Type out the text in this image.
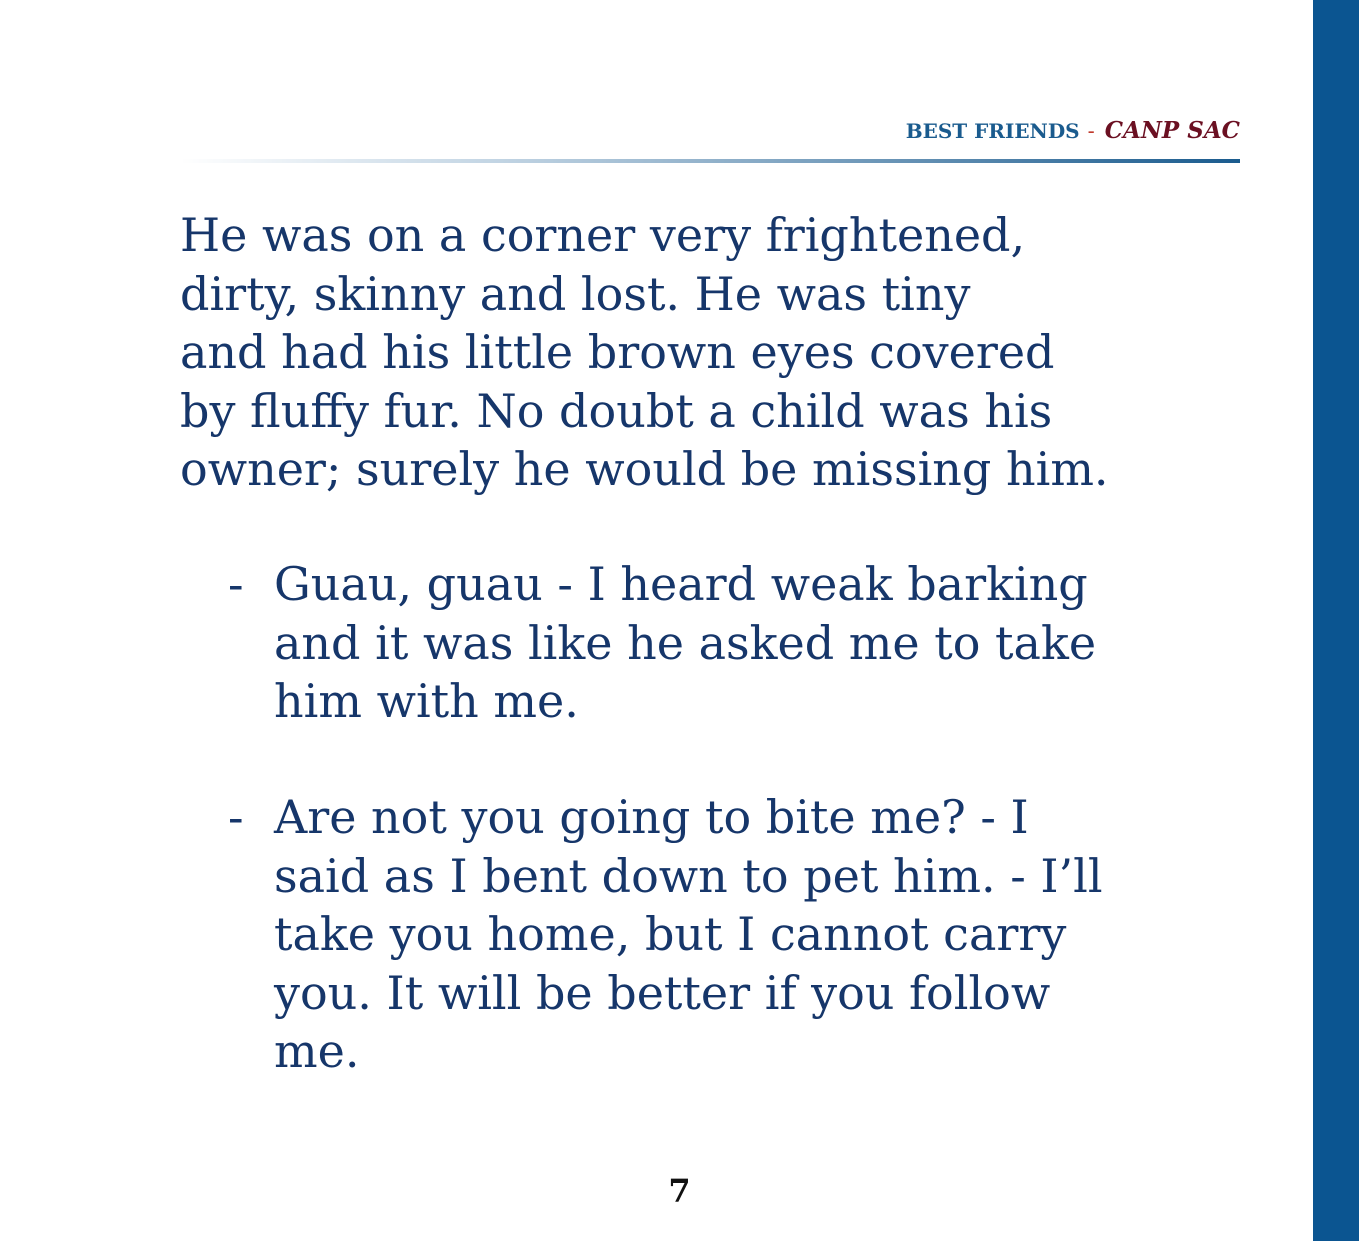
BEST FRIENDS - CANP SAC

He was on a corner very frightened,
dirty, skinny and lost. He was tiny
and had his little brown eyes covered
by fluffy fur. No doubt a child was his
owner; surely he would be missing him.

- Guau, guau - I heard weak barking
and it was like he asked me to take
him with me.
- Are not you going to bite me? - I
said as I bent down to pet him. - I’ll
take you home, but I cannot carry
you. It will be better if you follow
me.
7
